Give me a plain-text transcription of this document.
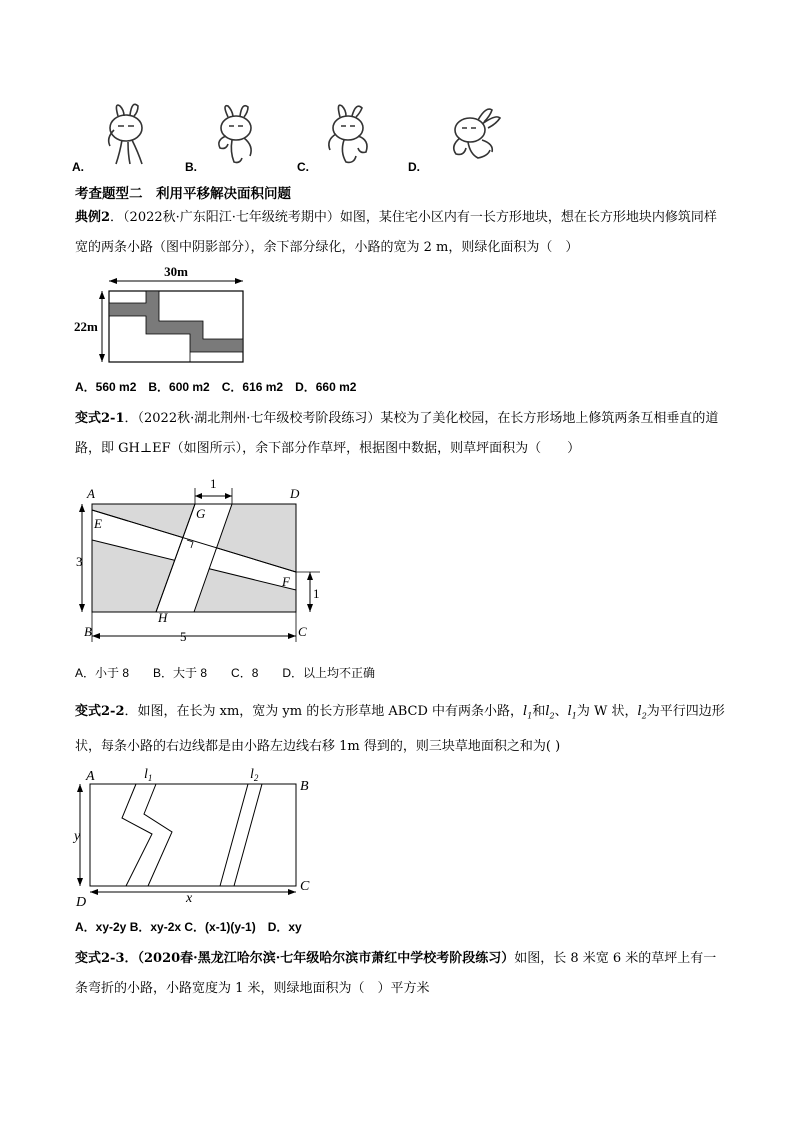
A.	B.	C.	D.
考查题型二　利用平移解决面积问题
典例2．（2022秋·广东阳江·七年级统考期中）如图，某住宅小区内有一长方形地块，想在长方形地块内修筑同样宽的两条小路（图中阴影部分），余下部分绿化，小路的宽为 2 m，则绿化面积为（　）
30m
22m
A．560 m2　B．600 m2　C．616 m2　D．660 m2
变式2-1．（2022秋·湖北荆州·七年级校考阶段练习）某校为了美化校园，在长方形场地上修筑两条互相垂直的道路，即 GH⊥EF（如图所示），余下部分作草坪，根据图中数据，则草坪面积为（　　）
1
3
5
1
A	D
E
G
F
H
B	C
A．小于 8　　B．大于 8　　C．8　　D．以上均不正确
变式2-2．如图，在长为 xm，宽为 ym 的长方形草地 ABCD 中有两条小路，$l_1$和$l_2$、$l_1$为 W 状，$l_2$为平行四边形状，每条小路的右边线都是由小路左边线右移 1m 得到的，则三块草地面积之和为( )
A
B
C
D	x
y
$l_1$	$l_2$
A．xy-2y B．xy-2x C．(x-1)(y-1)　D．xy
变式2-3．（2020春·黑龙江哈尔滨·七年级哈尔滨市萧红中学校考阶段练习）如图，长 8 米宽 6 米的草坪上有一条弯折的小路，小路宽度为 1 米，则绿地面积为（　）平方米
